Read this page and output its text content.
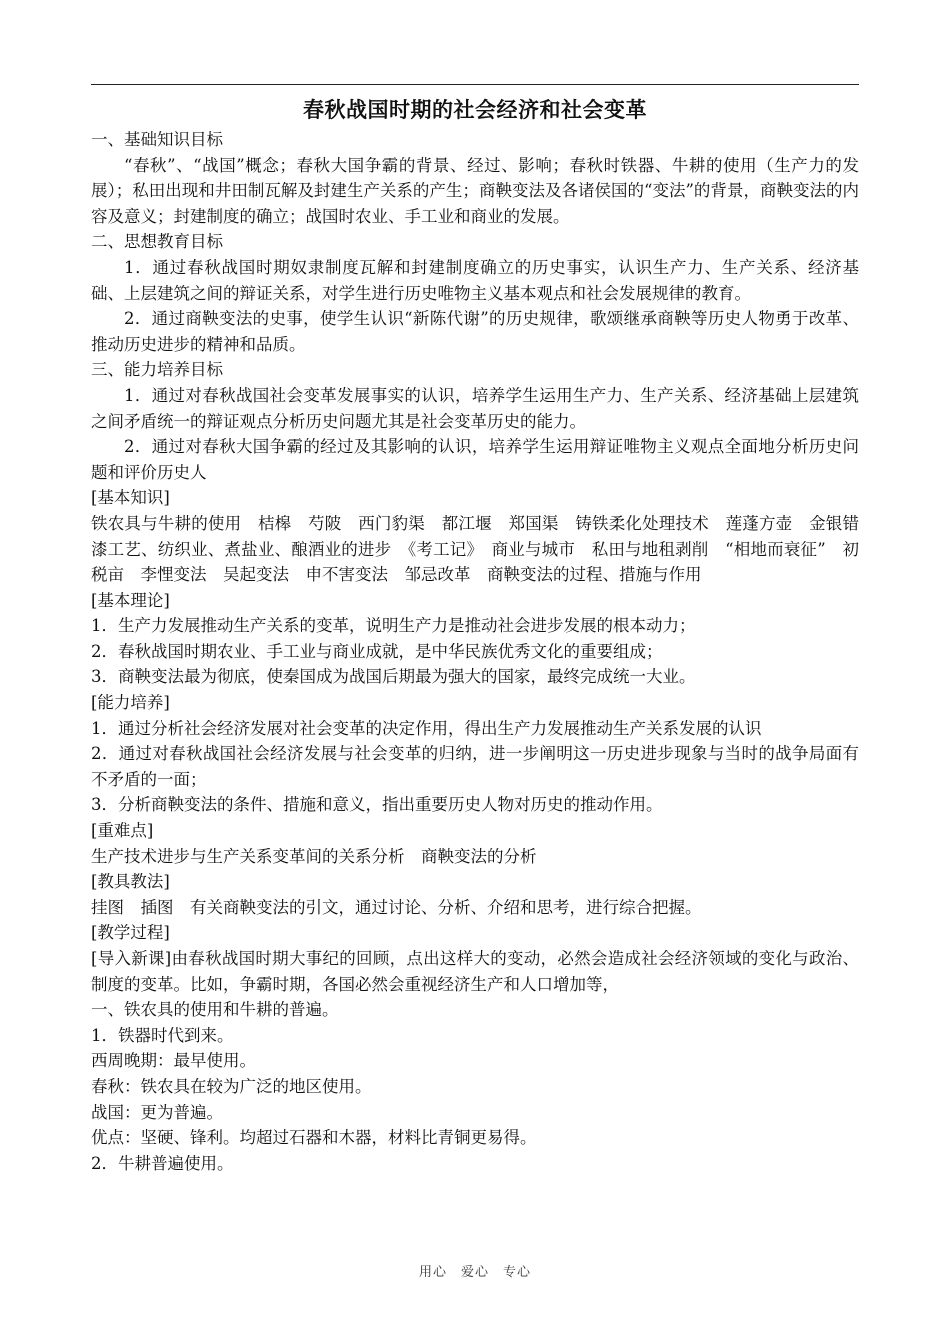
春秋战国时期的社会经济和社会变革

一、基础知识目标

“春秋”、“战国”概念；春秋大国争霸的背景、经过、影响；春秋时铁器、牛耕的使用（生产力的发展）；私田出现和井田制瓦解及封建生产关系的产生；商鞅变法及各诸侯国的“变法”的背景，商鞅变法的内容及意义；封建制度的确立；战国时农业、手工业和商业的发展。

二、思想教育目标

1．通过春秋战国时期奴隶制度瓦解和封建制度确立的历史事实，认识生产力、生产关系、经济基础、上层建筑之间的辩证关系，对学生进行历史唯物主义基本观点和社会发展规律的教育。

2．通过商鞅变法的史事，使学生认识“新陈代谢”的历史规律，歌颂继承商鞅等历史人物勇于改革、推动历史进步的精神和品质。

三、能力培养目标

1．通过对春秋战国社会变革发展事实的认识，培养学生运用生产力、生产关系、经济基础上层建筑之间矛盾统一的辩证观点分析历史问题尤其是社会变革历史的能力。

2．通过对春秋大国争霸的经过及其影响的认识，培养学生运用辩证唯物主义观点全面地分析历史问题和评价历史人

[基本知识]

铁农具与牛耕的使用　桔槔　芍陂　西门豹渠　都江堰　郑国渠　铸铁柔化处理技术　莲蓬方壶　金银错　漆工艺、纺织业、煮盐业、酿酒业的进步　《考工记》　商业与城市　私田与地租剥削　“相地而衰征”　初税亩　李悝变法　吴起变法　申不害变法　邹忌改革　商鞅变法的过程、措施与作用

[基本理论]

1．生产力发展推动生产关系的变革，说明生产力是推动社会进步发展的根本动力；

2．春秋战国时期农业、手工业与商业成就，是中华民族优秀文化的重要组成；

3．商鞅变法最为彻底，使秦国成为战国后期最为强大的国家，最终完成统一大业。

[能力培养]

1．通过分析社会经济发展对社会变革的决定作用，得出生产力发展推动生产关系发展的认识

2．通过对春秋战国社会经济发展与社会变革的归纳，进一步阐明这一历史进步现象与当时的战争局面有不矛盾的一面；

3．分析商鞅变法的条件、措施和意义，指出重要历史人物对历史的推动作用。

[重难点]

生产技术进步与生产关系变革间的关系分析　商鞅变法的分析

[教具教法]

挂图　插图　有关商鞅变法的引文，通过讨论、分析、介绍和思考，进行综合把握。

[教学过程]

[导入新课]由春秋战国时期大事纪的回顾，点出这样大的变动，必然会造成社会经济领域的变化与政治、制度的变革。比如，争霸时期，各国必然会重视经济生产和人口增加等，

一、铁农具的使用和牛耕的普遍。

1．铁器时代到来。

西周晚期：最早使用。

春秋：铁农具在较为广泛的地区使用。

战国：更为普遍。

优点：坚硬、锋利。均超过石器和木器，材料比青铜更易得。

2．牛耕普遍使用。

用心　爱心　专心
